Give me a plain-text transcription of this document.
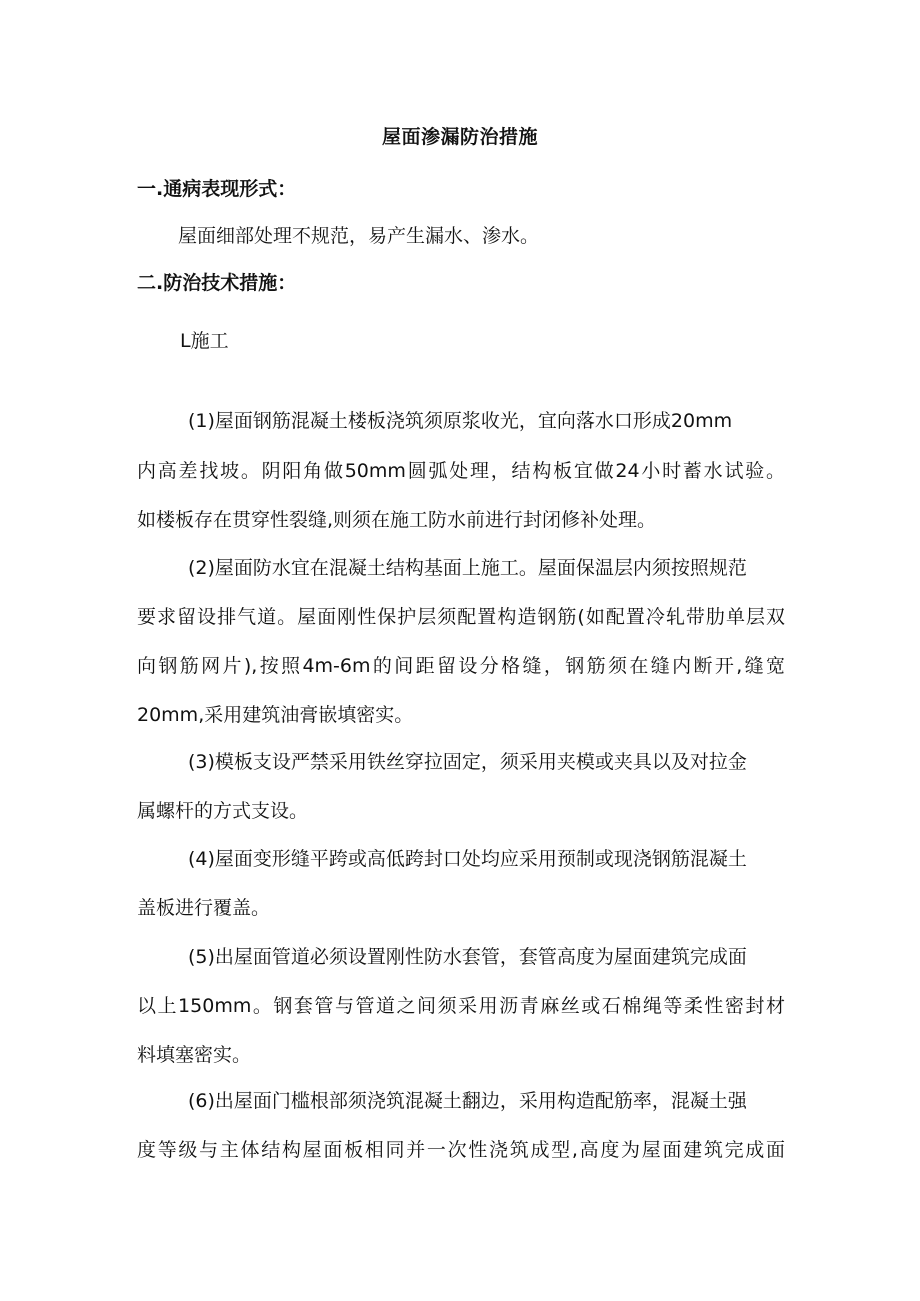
屋面渗漏防治措施
一.通病表现形式：
屋面细部处理不规范，易产生漏水、渗水。
二.防治技术措施：
L施工
(1)屋面钢筋混凝土楼板浇筑须原浆收光，宜向落水口形成20mm
内高差找坡。阴阳角做50mm圆弧处理，结构板宜做24小时蓄水试验。
如楼板存在贯穿性裂缝,则须在施工防水前进行封闭修补处理。
(2)屋面防水宜在混凝土结构基面上施工。屋面保温层内须按照规范
要求留设排气道。屋面刚性保护层须配置构造钢筋(如配置冷轧带肋单层双
向钢筋网片),按照4m-6m的间距留设分格缝，钢筋须在缝内断开,缝宽
20mm,采用建筑油膏嵌填密实。
(3)模板支设严禁采用铁丝穿拉固定，须采用夹模或夹具以及对拉金
属螺杆的方式支设。
(4)屋面变形缝平跨或高低跨封口处均应采用预制或现浇钢筋混凝土
盖板进行覆盖。
(5)出屋面管道必须设置刚性防水套管，套管高度为屋面建筑完成面
以上150mm。钢套管与管道之间须采用沥青麻丝或石棉绳等柔性密封材
料填塞密实。
(6)出屋面门槛根部须浇筑混凝土翻边，采用构造配筋率，混凝土强
度等级与主体结构屋面板相同并一次性浇筑成型,高度为屋面建筑完成面
